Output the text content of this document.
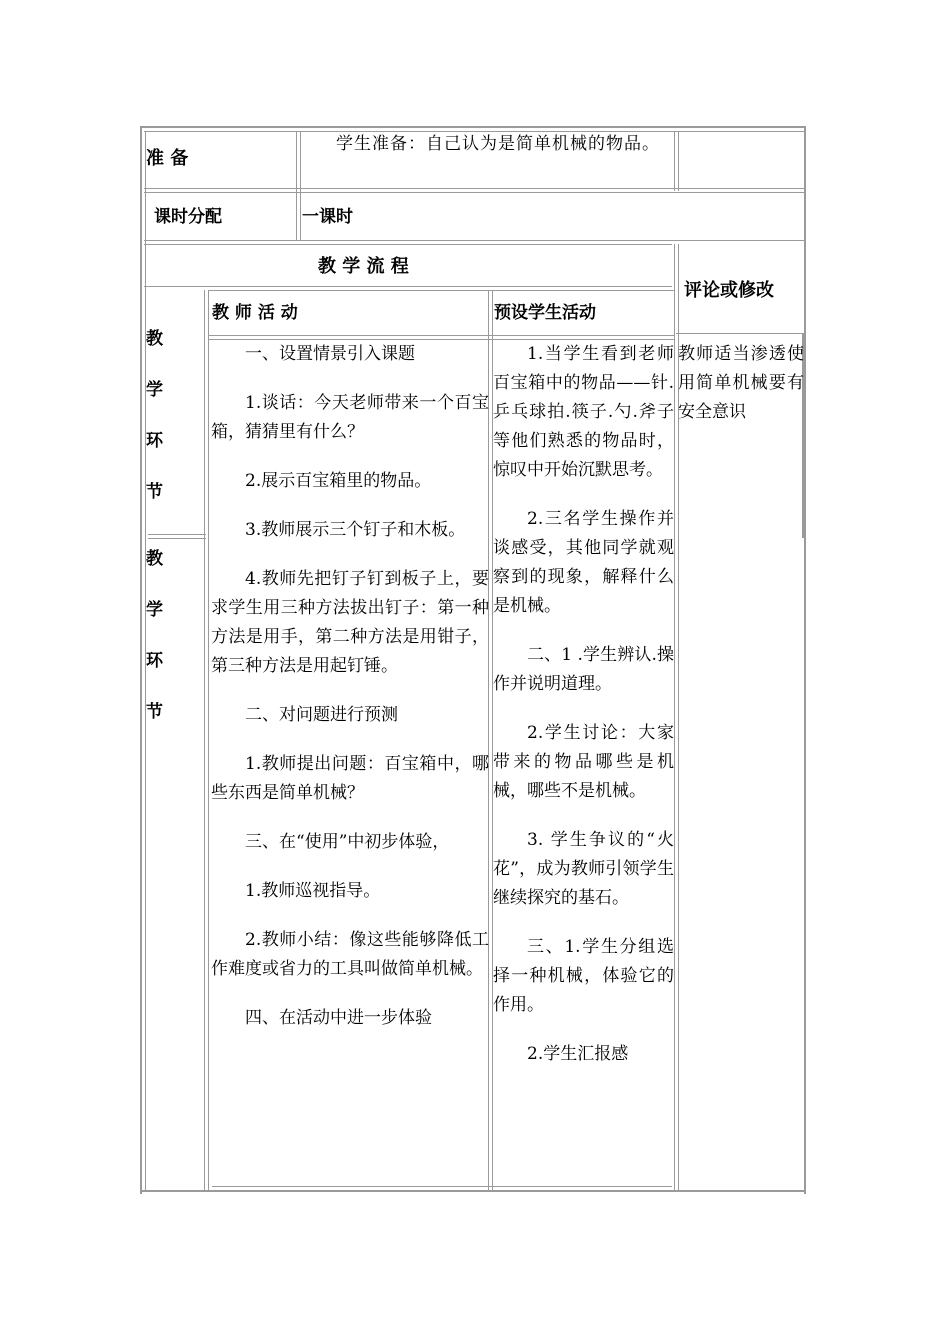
准 备
学生准备：自己认为是简单机械的物品。
课时分配	一课时
教 学 流 程
评论或修改
教 师 活 动	预设学生活动
教
学
环
节
教
学
环
节

一、设置情景引入课题

1.谈话：今天老师带来一个百宝箱，猜猜里有什么？

2.展示百宝箱里的物品。

3.教师展示三个钉子和木板。

4.教师先把钉子钉到板子上，要求学生用三种方法拔出钉子：第一种方法是用手，第二种方法是用钳子，第三种方法是用起钉锤。

二、对问题进行预测

1.教师提出问题：百宝箱中，哪些东西是简单机械？

三、在“使用”中初步体验，

1.教师巡视指导。

2.教师小结：像这些能够降低工作难度或省力的工具叫做简单机械。

四、在活动中进一步体验

1.当学生看到老师百宝箱中的物品——针.乒乓球拍.筷子.勺.斧子等他们熟悉的物品时，惊叹中开始沉默思考。

2.三名学生操作并谈感受，其他同学就观察到的现象，解释什么是机械。

二、1 .学生辨认.操作并说明道理。

2.学生讨论：大家带来的物品哪些是机械，哪些不是机械。

3. 学生争议的“火花”，成为教师引领学生继续探究的基石。

三、1.学生分组选择一种机械，体验它的作用。

2.学生汇报感

教师适当渗透使用简单机械要有安全意识
